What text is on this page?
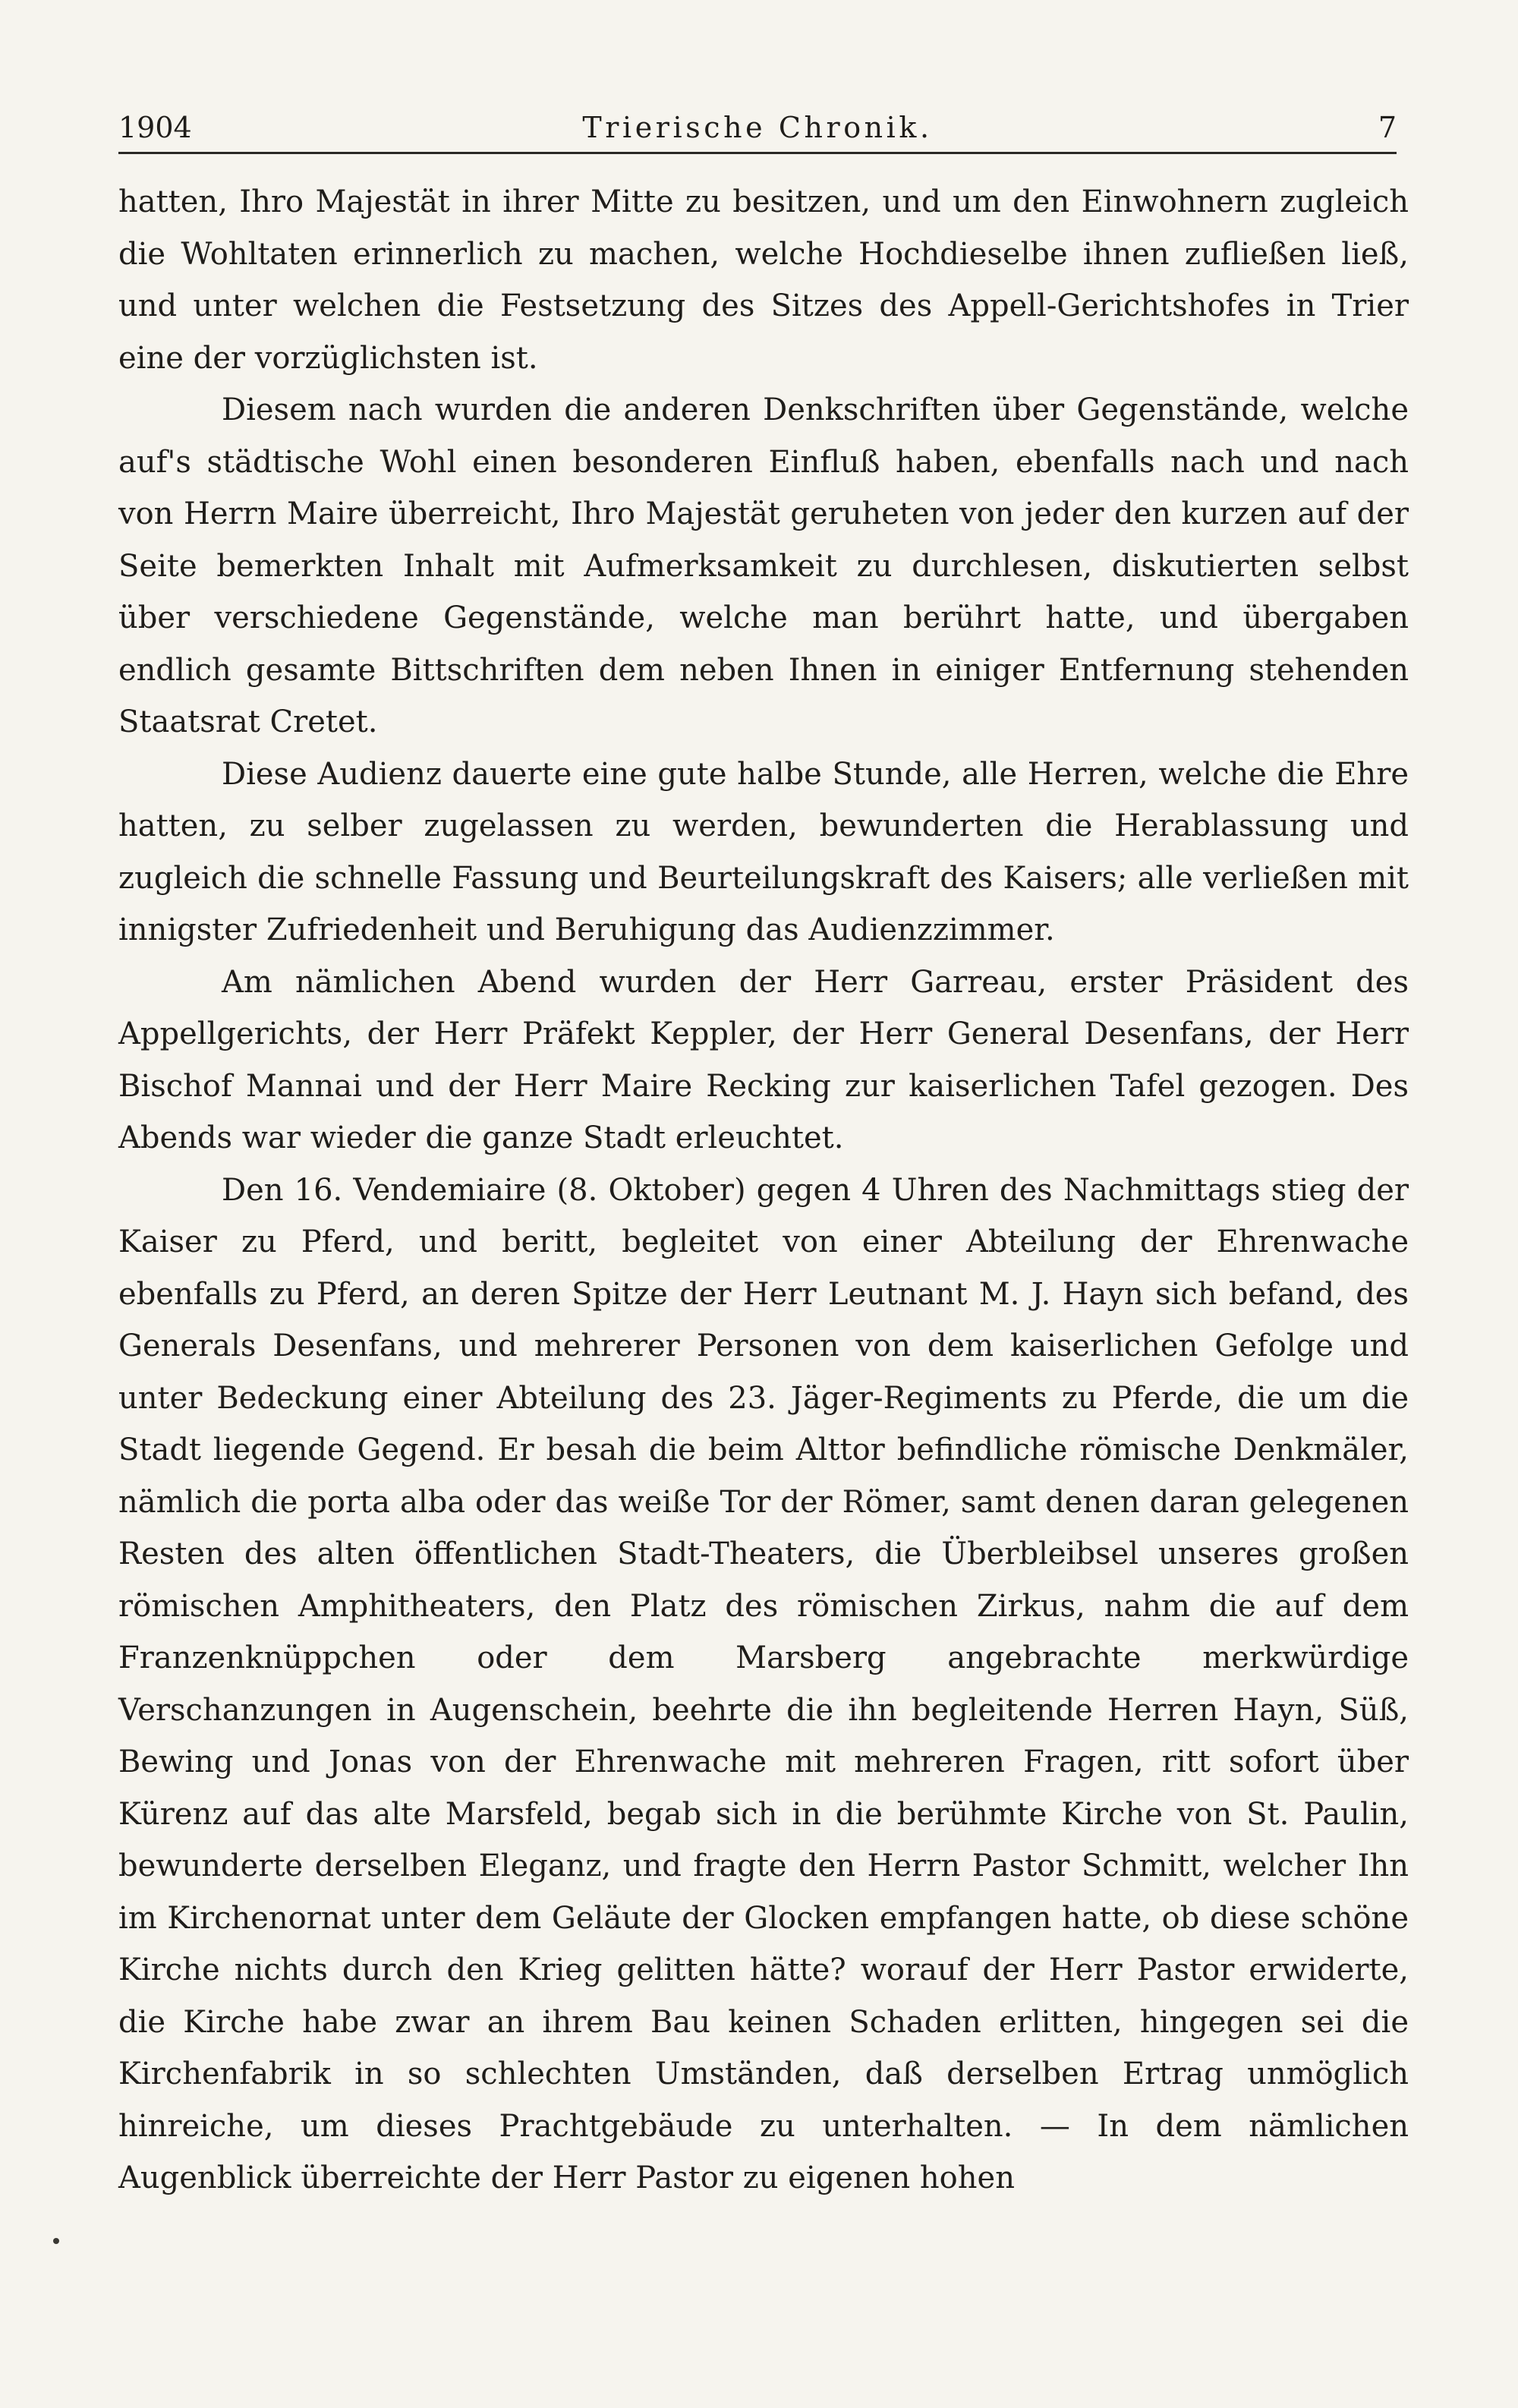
1904	Trierische Chronik.	7

hatten, Ihro Majestät in ihrer Mitte zu besitzen, und um den Einwohnern zugleich die Wohltaten erinnerlich zu machen, welche Hochdieselbe ihnen zufließen ließ, und unter welchen die Festsetzung des Sitzes des Appell-Gerichtshofes in Trier eine der vorzüglichsten ist.

Diesem nach wurden die anderen Denkschriften über Gegenstände, welche auf's städtische Wohl einen besonderen Einfluß haben, ebenfalls nach und nach von Herrn Maire überreicht, Ihro Majestät geruheten von jeder den kurzen auf der Seite bemerkten Inhalt mit Aufmerksamkeit zu durchlesen, diskutierten selbst über verschiedene Gegenstände, welche man berührt hatte, und übergaben endlich gesamte Bittschriften dem neben Ihnen in einiger Entfernung stehenden Staatsrat Cretet.

Diese Audienz dauerte eine gute halbe Stunde, alle Herren, welche die Ehre hatten, zu selber zugelassen zu werden, bewunderten die Herablassung und zugleich die schnelle Fassung und Beurteilungskraft des Kaisers; alle verließen mit innigster Zufriedenheit und Beruhigung das Audienzzimmer.

Am nämlichen Abend wurden der Herr Garreau, erster Präsident des Appellgerichts, der Herr Präfekt Keppler, der Herr General Desenfans, der Herr Bischof Mannai und der Herr Maire Recking zur kaiserlichen Tafel gezogen. Des Abends war wieder die ganze Stadt erleuchtet.

Den 16. Vendemiaire (8. Oktober) gegen 4 Uhren des Nachmittags stieg der Kaiser zu Pferd, und beritt, begleitet von einer Abteilung der Ehrenwache ebenfalls zu Pferd, an deren Spitze der Herr Leutnant M. J. Hayn sich befand, des Generals Desenfans, und mehrerer Personen von dem kaiserlichen Gefolge und unter Bedeckung einer Abteilung des 23. Jäger-Regiments zu Pferde, die um die Stadt liegende Gegend. Er besah die beim Alttor befindliche römische Denkmäler, nämlich die porta alba oder das weiße Tor der Römer, samt denen daran gelegenen Resten des alten öffentlichen Stadt-Theaters, die Überbleibsel unseres großen römischen Amphitheaters, den Platz des römischen Zirkus, nahm die auf dem Franzenknüppchen oder dem Marsberg angebrachte merkwürdige Verschanzungen in Augenschein, beehrte die ihn begleitende Herren Hayn, Süß, Bewing und Jonas von der Ehrenwache mit mehreren Fragen, ritt sofort über Kürenz auf das alte Marsfeld, begab sich in die berühmte Kirche von St. Paulin, bewunderte derselben Eleganz, und fragte den Herrn Pastor Schmitt, welcher Ihn im Kirchenornat unter dem Geläute der Glocken empfangen hatte, ob diese schöne Kirche nichts durch den Krieg gelitten hätte? worauf der Herr Pastor erwiderte, die Kirche habe zwar an ihrem Bau keinen Schaden erlitten, hingegen sei die Kirchenfabrik in so schlechten Umständen, daß derselben Ertrag unmöglich hinreiche, um dieses Prachtgebäude zu unterhalten. — In dem nämlichen Augenblick überreichte der Herr Pastor zu eigenen hohen
